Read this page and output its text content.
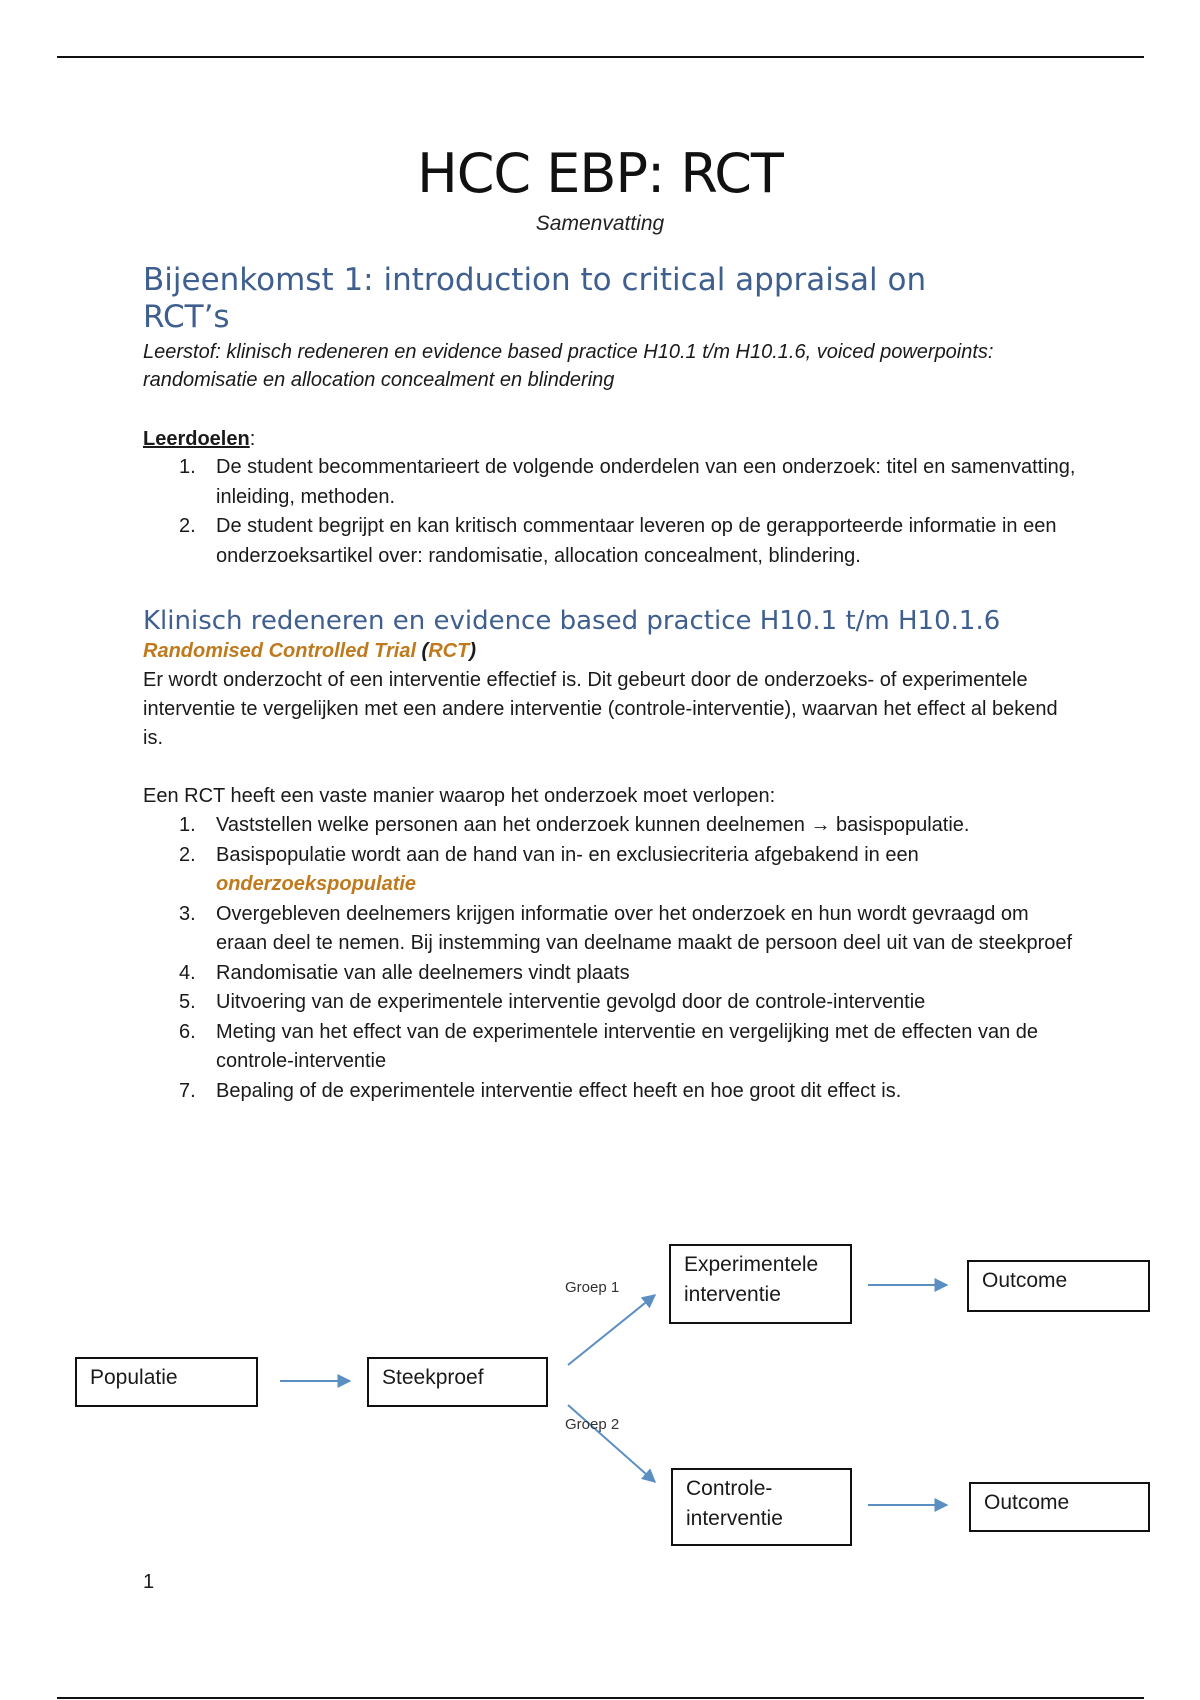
HCC EBP: RCT
Samenvatting
Bijeenkomst 1: introduction to critical appraisal on RCT’s

Leerstof: klinisch redeneren en evidence based practice H10.1 t/m H10.1.6, voiced powerpoints: randomisatie en allocation concealment en blindering

Leerdoelen:

1.	De student becommentarieert de volgende onderdelen van een onderzoek: titel en samenvatting, inleiding, methoden.
2.	De student begrijpt en kan kritisch commentaar leveren op de gerapporteerde informatie in een onderzoeksartikel over: randomisatie, allocation concealment, blindering.
Klinisch redeneren en evidence based practice H10.1 t/m H10.1.6

Randomised Controlled Trial (RCT)

Er wordt onderzocht of een interventie effectief is. Dit gebeurt door de onderzoeks- of experimentele interventie te vergelijken met een andere interventie (controle-interventie), waarvan het effect al bekend is.

Een RCT heeft een vaste manier waarop het onderzoek moet verlopen:

1.	Vaststellen welke personen aan het onderzoek kunnen deelnemen → basispopulatie.
2.	Basispopulatie wordt aan de hand van in- en exclusiecriteria afgebakend in een
onderzoekspopulatie
3.	Overgebleven deelnemers krijgen informatie over het onderzoek en hun wordt gevraagd om eraan deel te nemen. Bij instemming van deelname maakt de persoon deel uit van de steekproef
4.	Randomisatie van alle deelnemers vindt plaats
5.	Uitvoering van de experimentele interventie gevolgd door de controle-interventie
6.	Meting van het effect van de experimentele interventie en vergelijking met de effecten van de controle-interventie
7.	Bepaling of de experimentele interventie effect heeft en hoe groot dit effect is.
Populatie	Steekproef
Groep 1
Groep 2
Experimentele interventie
Controle-interventie
Outcome
Outcome
1
